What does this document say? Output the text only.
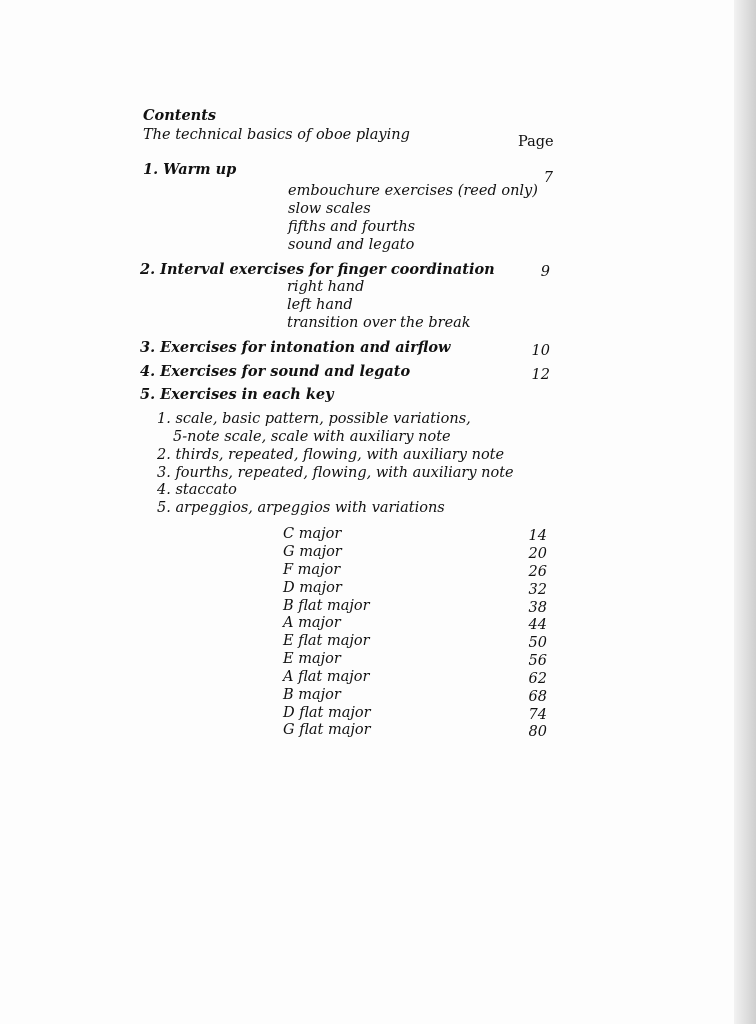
Contents
The technical basics of oboe playing	Page
1. Warm up	7
embouchure exercises (reed only)
slow scales
fifths and fourths
sound and legato
2. Interval exercises for finger coordination	9
right hand
left hand
transition over the break
3. Exercises for intonation and airflow	10
4. Exercises for sound and legato	12
5. Exercises in each key
1. scale, basic pattern, possible variations,
5-note scale, scale with auxiliary note
2. thirds, repeated, flowing, with auxiliary note
3. fourths, repeated, flowing, with auxiliary note
4. staccato
5. arpeggios, arpeggios with variations
C major	14
G major	20
F major	26
D major	32
B flat major	38
A major	44
E flat major	50
E major	56
A flat major	62
B major	68
D flat major	74
G flat major	80
